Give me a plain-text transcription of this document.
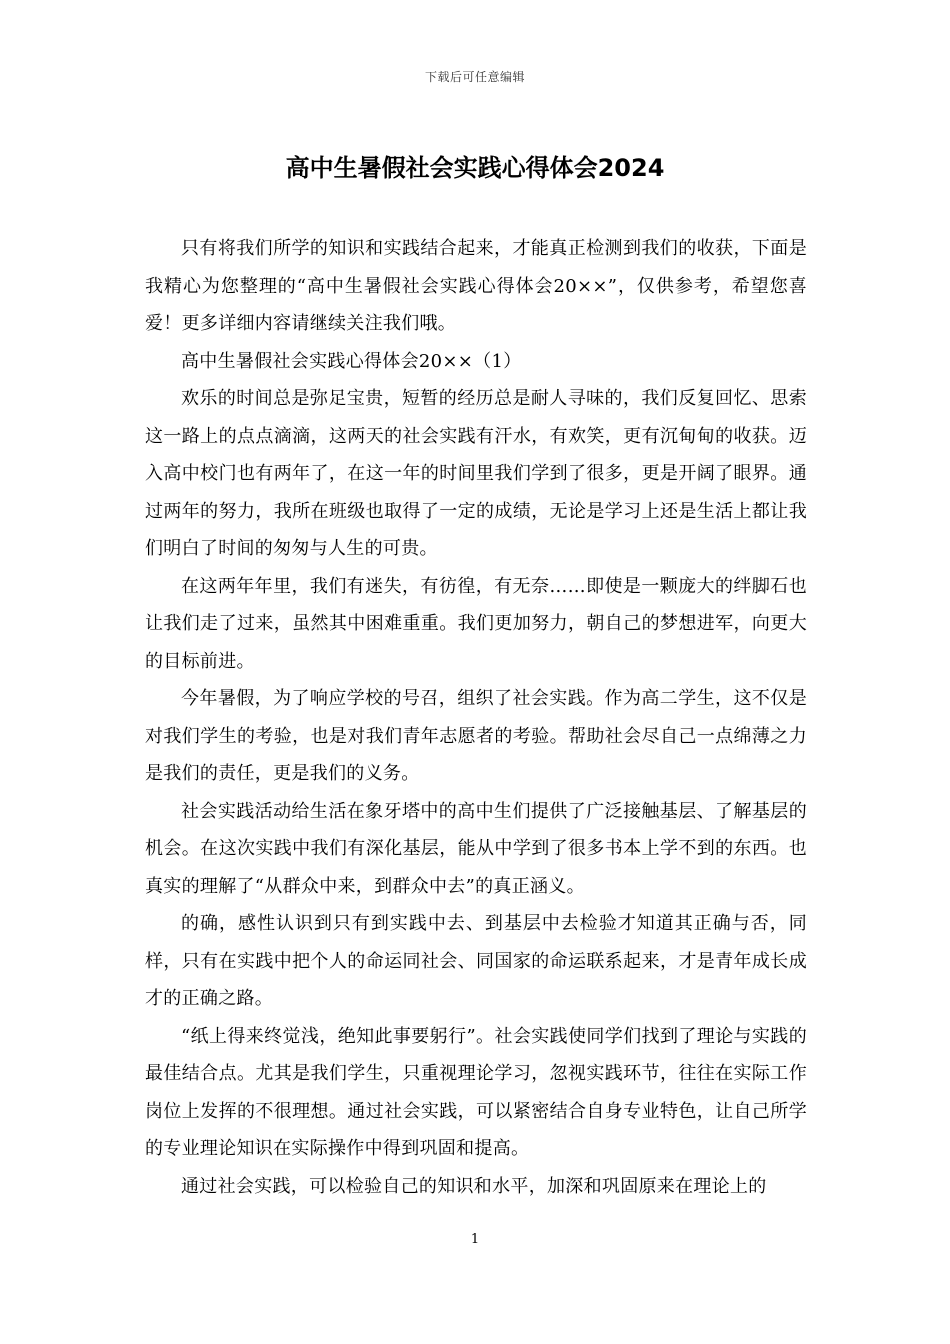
下载后可任意编辑
高中生暑假社会实践心得体会2024

只有将我们所学的知识和实践结合起来，才能真正检测到我们的收获，下面是我精心为您整理的“高中生暑假社会实践心得体会20××”，仅供参考，希望您喜爱！更多详细内容请继续关注我们哦。

高中生暑假社会实践心得体会20××（1）

欢乐的时间总是弥足宝贵，短暂的经历总是耐人寻味的，我们反复回忆、思索这一路上的点点滴滴，这两天的社会实践有汗水，有欢笑，更有沉甸甸的收获。迈入高中校门也有两年了，在这一年的时间里我们学到了很多，更是开阔了眼界。通过两年的努力，我所在班级也取得了一定的成绩，无论是学习上还是生活上都让我们明白了时间的匆匆与人生的可贵。

在这两年年里，我们有迷失，有彷徨，有无奈……即使是一颗庞大的绊脚石也让我们走了过来，虽然其中困难重重。我们更加努力，朝自己的梦想进军，向更大的目标前进。

今年暑假，为了响应学校的号召，组织了社会实践。作为高二学生，这不仅是对我们学生的考验，也是对我们青年志愿者的考验。帮助社会尽自己一点绵薄之力是我们的责任，更是我们的义务。

社会实践活动给生活在象牙塔中的高中生们提供了广泛接触基层、了解基层的机会。在这次实践中我们有深化基层，能从中学到了很多书本上学不到的东西。也真实的理解了“从群众中来，到群众中去”的真正涵义。

的确，感性认识到只有到实践中去、到基层中去检验才知道其正确与否，同样，只有在实践中把个人的命运同社会、同国家的命运联系起来，才是青年成长成才的正确之路。

“纸上得来终觉浅，绝知此事要躬行”。社会实践使同学们找到了理论与实践的最佳结合点。尤其是我们学生，只重视理论学习，忽视实践环节，往往在实际工作岗位上发挥的不很理想。通过社会实践，可以紧密结合自身专业特色，让自己所学的专业理论知识在实际操作中得到巩固和提高。

通过社会实践，可以检验自己的知识和水平，加深和巩固原来在理论上的

1
